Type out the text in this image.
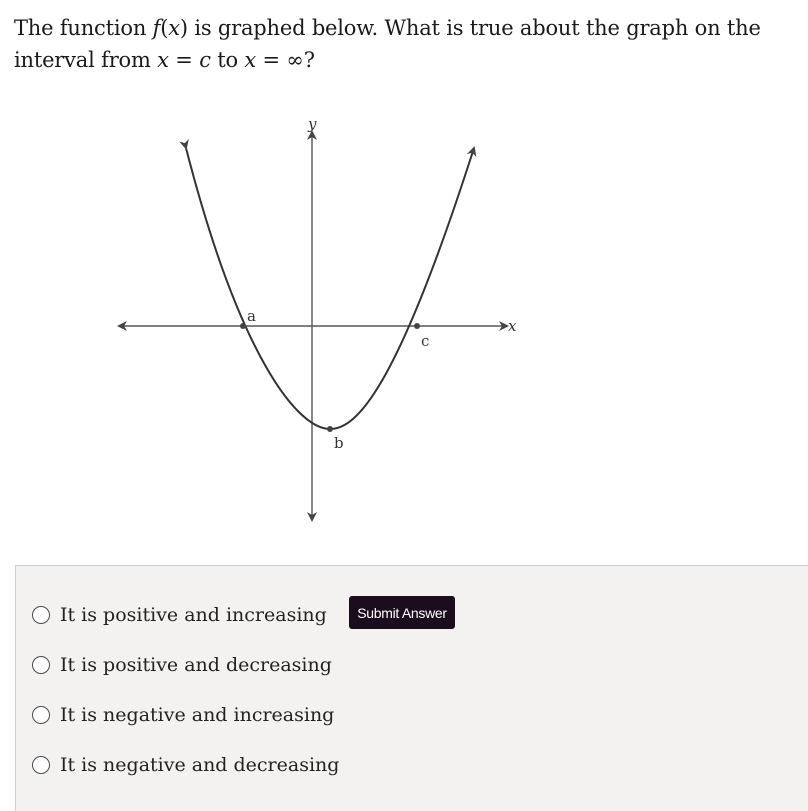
The function f(x) is graphed below. What is true about the graph on the interval from x = c to x = ∞?
x
y
a
b
c
It is positive and increasing
It is positive and decreasing
It is negative and increasing
It is negative and decreasing
Submit Answer
